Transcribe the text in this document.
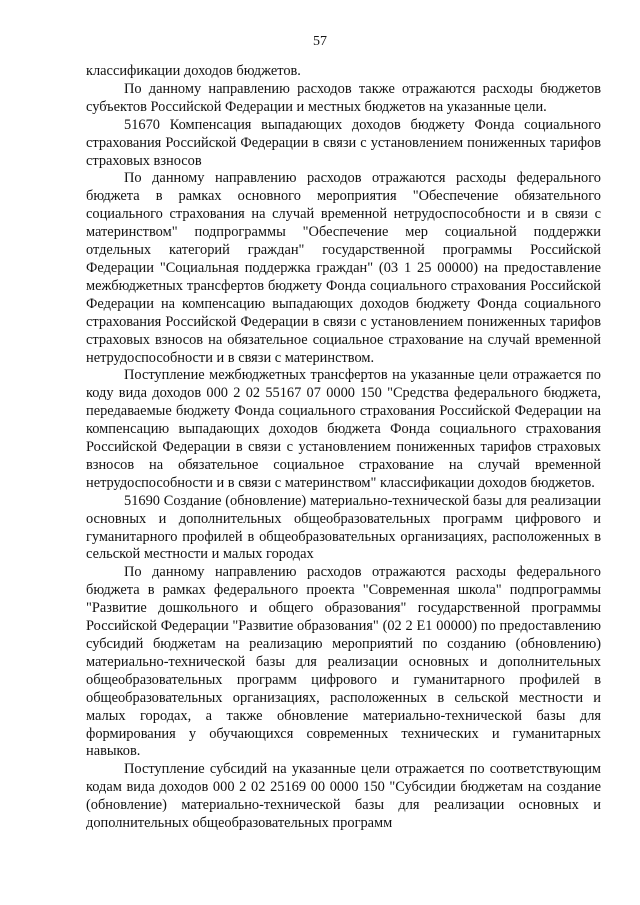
57

классификации доходов бюджетов.

По данному направлению расходов также отражаются расходы бюджетов субъектов Российской Федерации и местных бюджетов на указанные цели.

51670 Компенсация выпадающих доходов бюджету Фонда социального страхования Российской Федерации в связи с установлением пониженных тарифов страховых взносов

По данному направлению расходов отражаются расходы федерального бюджета в рамках основного мероприятия "Обеспечение обязательного социального страхования на случай временной нетрудоспособности и в связи с материнством" подпрограммы "Обеспечение мер социальной поддержки отдельных категорий граждан" государственной программы Российской Федерации "Социальная поддержка граждан" (03 1 25 00000) на предоставление межбюджетных трансфертов бюджету Фонда социального страхования Российской Федерации на компенсацию выпадающих доходов бюджету Фонда социального страхования Российской Федерации в связи с установлением пониженных тарифов страховых взносов на обязательное социальное страхование на случай временной нетрудоспособности и в связи с материнством.

Поступление межбюджетных трансфертов на указанные цели отражается по коду вида доходов 000 2 02 55167 07 0000 150 "Средства федерального бюджета, передаваемые бюджету Фонда социального страхования Российской Федерации на компенсацию выпадающих доходов бюджета Фонда социального страхования Российской Федерации в связи с установлением пониженных тарифов страховых взносов на обязательное социальное страхование на случай временной нетрудоспособности и в связи с материнством" классификации доходов бюджетов.

51690 Создание (обновление) материально-технической базы для реализации основных и дополнительных общеобразовательных программ цифрового и гуманитарного профилей в общеобразовательных организациях, расположенных в сельской местности и малых городах

По данному направлению расходов отражаются расходы федерального бюджета в рамках федерального проекта "Современная школа" подпрограммы "Развитие дошкольного и общего образования" государственной программы Российской Федерации "Развитие образования" (02 2 E1 00000) по предоставлению субсидий бюджетам на реализацию мероприятий по созданию (обновлению) материально-технической базы для реализации основных и дополнительных общеобразовательных программ цифрового и гуманитарного профилей в общеобразовательных организациях, расположенных в сельской местности и малых городах, а также обновление материально-технической базы для формирования у обучающихся современных технических и гуманитарных навыков.

Поступление субсидий на указанные цели отражается по соответствующим кодам вида доходов 000 2 02 25169 00 0000 150 "Субсидии бюджетам на создание (обновление) материально-технической базы для реализации основных и дополнительных общеобразовательных программ
